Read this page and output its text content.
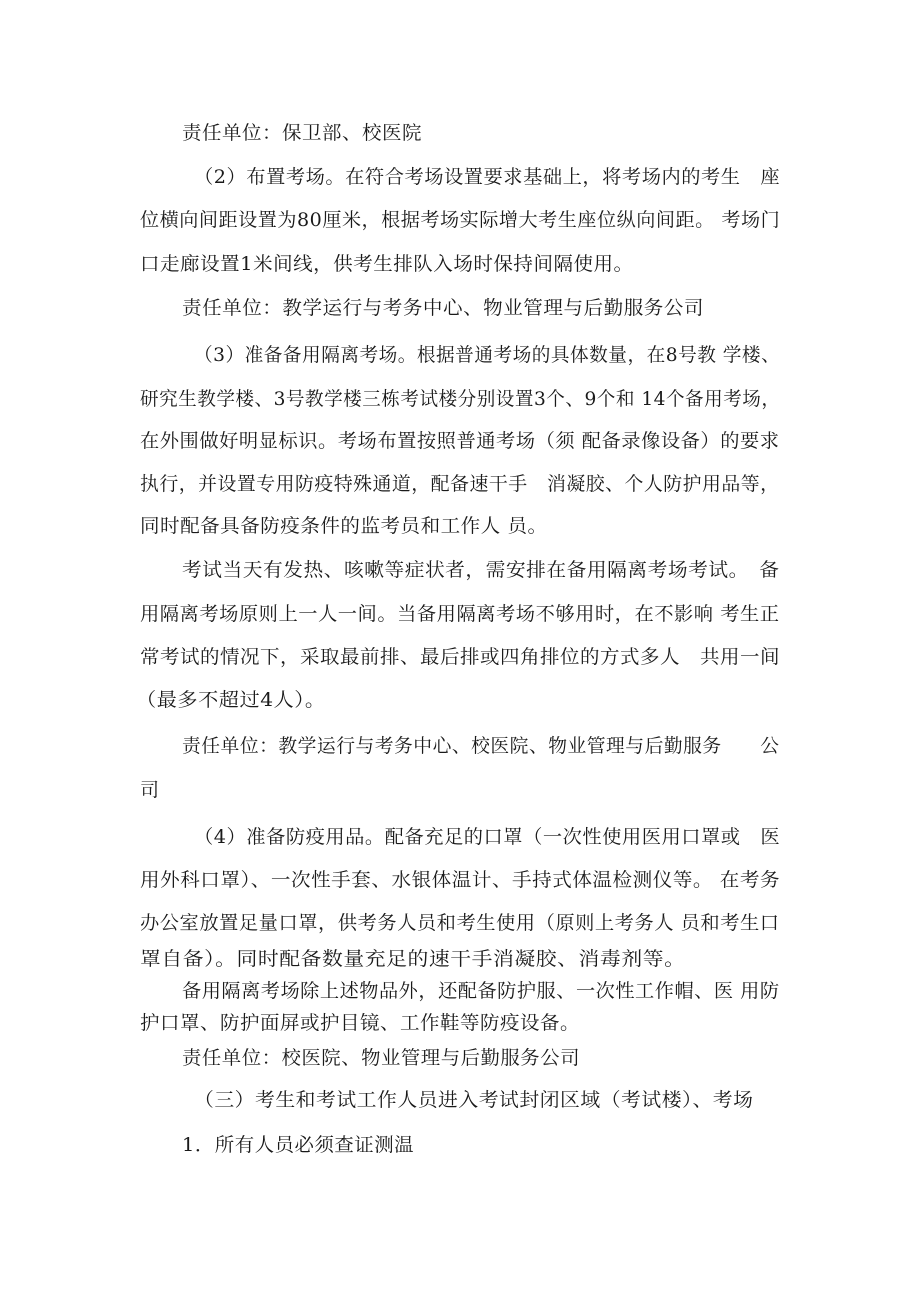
责任单位：保卫部、校医院

（2）布置考场。在符合考场设置要求基础上，将考场内的考生　座

位横向间距设置为80厘米，根据考场实际增大考生座位纵向间距。 考场门

口走廊设置1米间线，供考生排队入场时保持间隔使用。

责任单位：教学运行与考务中心、物业管理与后勤服务公司

（3）准备备用隔离考场。根据普通考场的具体数量，在8号教 学楼、

研究生教学楼、3号教学楼三栋考试楼分别设置3个、9个和 14个备用考场，

在外围做好明显标识。考场布置按照普通考场（须 配备录像设备）的要求

执行，并设置专用防疫特殊通道，配备速干手　消凝胶、个人防护用品等，

同时配备具备防疫条件的监考员和工作人 员。

考试当天有发热、咳嗽等症状者，需安排在备用隔离考场考试。　备

用隔离考场原则上一人一间。当备用隔离考场不够用时，在不影响 考生正

常考试的情况下，采取最前排、最后排或四角排位的方式多人　共用一间

（最多不超过4人）。

责任单位：教学运行与考务中心、校医院、物业管理与后勤服务　　公

司

（4）准备防疫用品。配备充足的口罩（一次性使用医用口罩或　医

用外科口罩）、一次性手套、水银体温计、手持式体温检测仪等。 在考务

办公室放置足量口罩，供考务人员和考生使用（原则上考务人 员和考生口

罩自备）。同时配备数量充足的速干手消凝胶、消毒剂等。

备用隔离考场除上述物品外，还配备防护服、一次性工作帽、医 用防

护口罩、防护面屏或护目镜、工作鞋等防疫设备。

责任单位：校医院、物业管理与后勤服务公司

（三）考生和考试工作人员进入考试封闭区域（考试楼）、考场

1．所有人员必须查证测温
